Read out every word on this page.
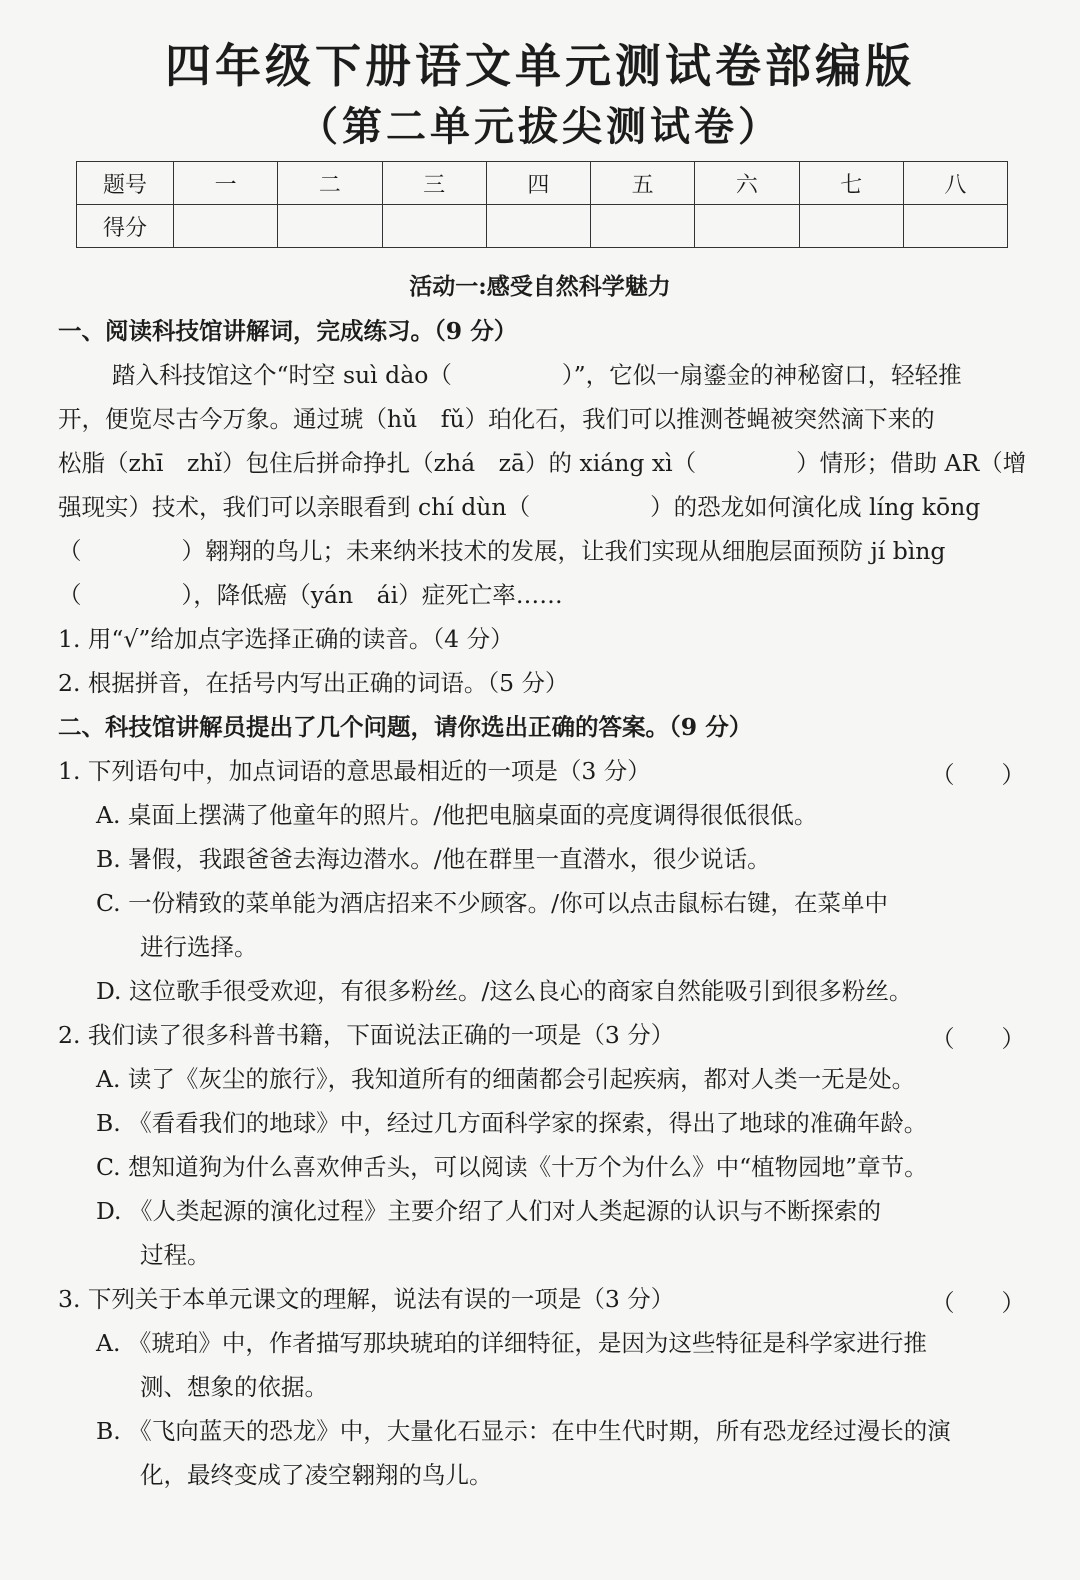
四年级下册语文单元测试卷部编版
（第二单元拔尖测试卷）
题号	一	二	三	四	五	六	七	八
得分								
活动一:感受自然科学魅力
一、阅读科技馆讲解词，完成练习。（9 分）
踏入科技馆这个“时空 suì dào（	）”，它似一扇鎏金的神秘窗口，轻轻推
开，便览尽古今万象。通过琥（hǔ　fǔ）珀化石，我们可以推测苍蝇被突然滴下来的
松脂（zhī　zhǐ）包住后拼命挣扎（zhá　zā）的 xiáng xì（	）情形；借助 AR（增
强现实）技术，我们可以亲眼看到 chí dùn（	）的恐龙如何演化成 líng kōng
（	）翱翔的鸟儿；未来纳米技术的发展，让我们实现从细胞层面预防 jí bìng
（	），降低癌（yán　ái）症死亡率……
1. 用“√”给加点字选择正确的读音。（4 分）
2. 根据拼音，在括号内写出正确的词语。（5 分）
二、科技馆讲解员提出了几个问题，请你选出正确的答案。（9 分）
1. 下列语句中，加点词语的意思最相近的一项是（3 分）	（　　）
A. 桌面上摆满了他童年的照片。/他把电脑桌面的亮度调得很低很低。
B. 暑假，我跟爸爸去海边潜水。/他在群里一直潜水，很少说话。
C. 一份精致的菜单能为酒店招来不少顾客。/你可以点击鼠标右键，在菜单中
进行选择。
D. 这位歌手很受欢迎，有很多粉丝。/这么良心的商家自然能吸引到很多粉丝。
2. 我们读了很多科普书籍，下面说法正确的一项是（3 分）	（　　）
A. 读了《灰尘的旅行》，我知道所有的细菌都会引起疾病，都对人类一无是处。
B. 《看看我们的地球》中，经过几方面科学家的探索，得出了地球的准确年龄。
C. 想知道狗为什么喜欢伸舌头，可以阅读《十万个为什么》中“植物园地”章节。
D. 《人类起源的演化过程》主要介绍了人们对人类起源的认识与不断探索的
过程。
3. 下列关于本单元课文的理解，说法有误的一项是（3 分）	（　　）
A. 《琥珀》中，作者描写那块琥珀的详细特征，是因为这些特征是科学家进行推
测、想象的依据。
B. 《飞向蓝天的恐龙》中，大量化石显示：在中生代时期，所有恐龙经过漫长的演
化，最终变成了凌空翱翔的鸟儿。
